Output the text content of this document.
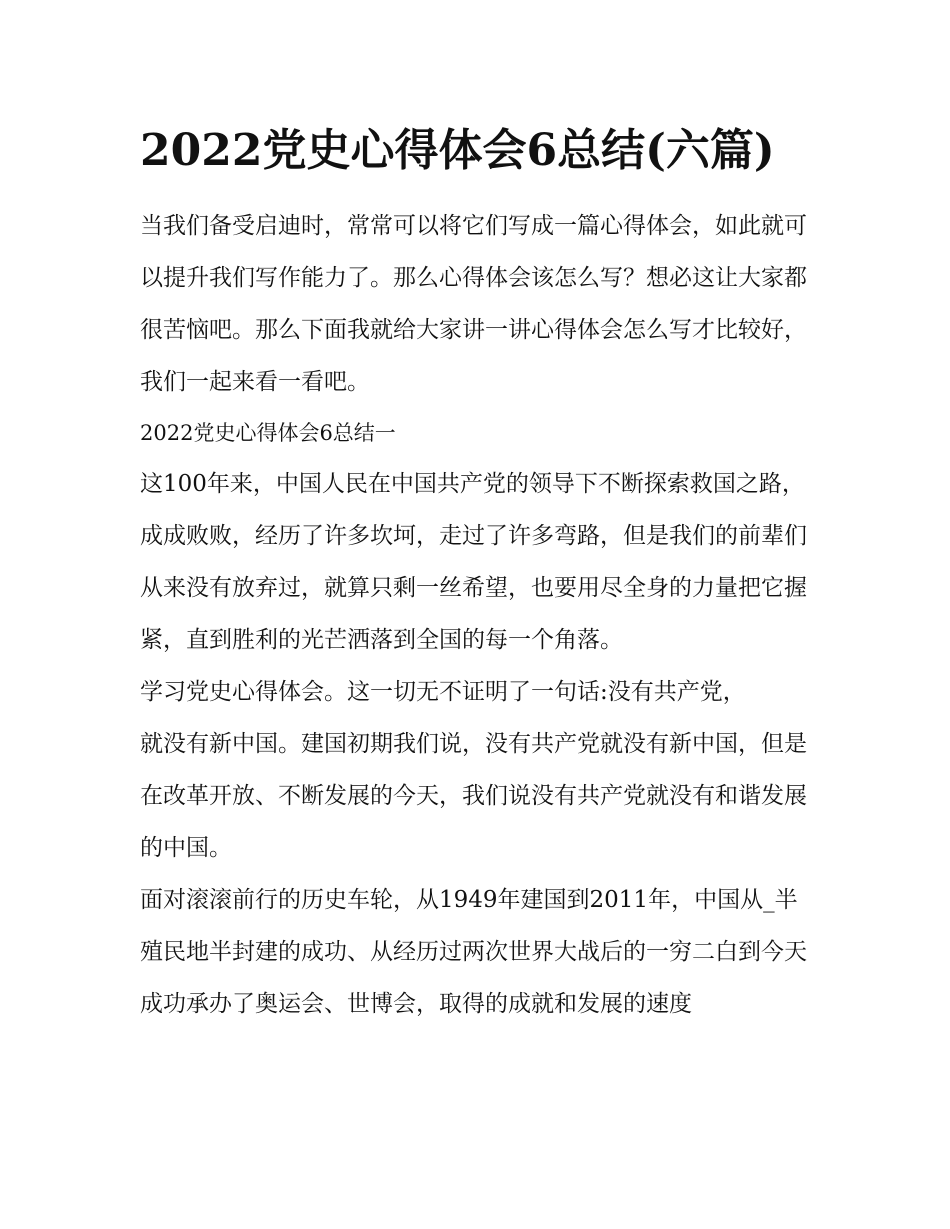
2022党史心得体会6总结(六篇)

当我们备受启迪时，常常可以将它们写成一篇心得体会，如此就可以提升我们写作能力了。那么心得体会该怎么写？想必这让大家都很苦恼吧。那么下面我就给大家讲一讲心得体会怎么写才比较好，我们一起来看一看吧。

2022党史心得体会6总结一

这100年来，中国人民在中国共产党的领导下不断探索救国之路，成成败败，经历了许多坎坷，走过了许多弯路，但是我们的前辈们从来没有放弃过，就算只剩一丝希望，也要用尽全身的力量把它握紧，直到胜利的光芒洒落到全国的每一个角落。

学习党史心得体会。这一切无不证明了一句话:没有共产党，

就没有新中国。建国初期我们说，没有共产党就没有新中国，但是在改革开放、不断发展的今天，我们说没有共产党就没有和谐发展的中国。

面对滚滚前行的历史车轮，从1949年建国到2011年，中国从_半殖民地半封建的成功、从经历过两次世界大战后的一穷二白到今天成功承办了奥运会、世博会，取得的成就和发展的速度
